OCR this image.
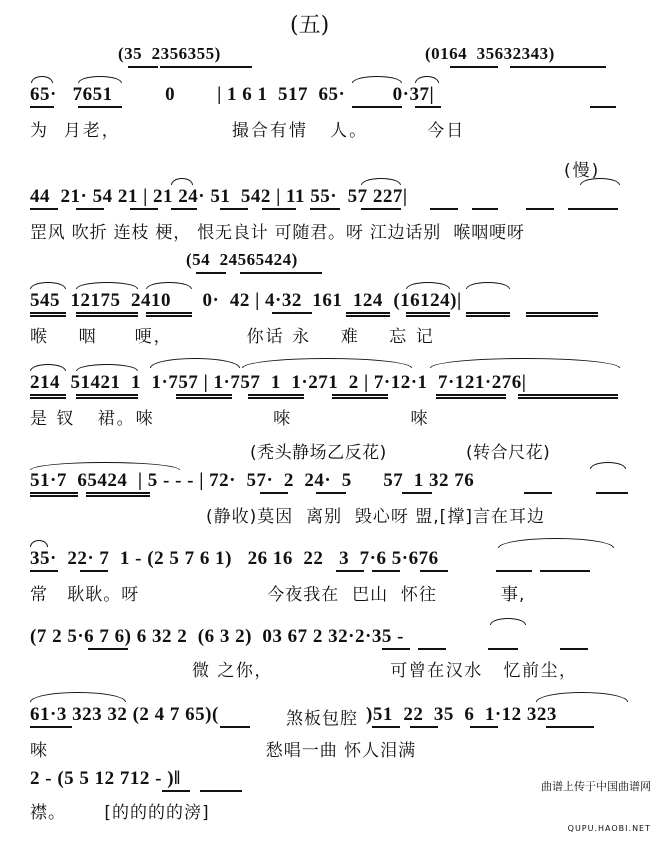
(五)
(35  2356355)	(0164  35632343)
65·   7651          0        | 1 6 1  517  65·         0·37|
为  月老，               撮合有情   人。        今日
(慢)
44  21· 54 21 | 21 24· 51  542 | 11 55·  57 227|
罡风 吹折 连枝 梗， 恨无良计 可随君。呀 江边话别  喉咽哽呀
(54  24565424)
545  12175  2410      0·  42 | 4·32  161  124  (16124)|
喉    咽     哽，          你话 永    难    忘 记
214  51421  1  1·757 | 1·757  1  1·271  2 | 7·12·1  7·121·276|
是 钗   裙。唻                唻                唻
(秃头静场乙反花)	(转合尺花)
51·7  65424  | 5 - - - | 72·  57·  2  24·  5      57  1 32 76
(静收)莫因  离别  毁心呀 盟,[撑]言在耳边
35·  22· 7  1 - (2 5 7 6 1)   26 16  22   3  7·6 5·676
常   耿耿。呀                    今夜我在  巴山  怀往          事,
(7 2 5·6 7 6) 6 32 2  (6 3 2)  03 67 2 32·2·35 -
微 之你，                 可曾在汉水   忆前尘，
61·3 323 32 (2 4 7 65)(	煞板包腔 )51  22  35  6  1·12 323
唻                                  愁唱一曲 怀人泪满
2 - (5 5 12 712 - )‖
襟。      [的的的的滂]

曲谱上传于中国曲谱网

QUPU.HAOBI.NET
